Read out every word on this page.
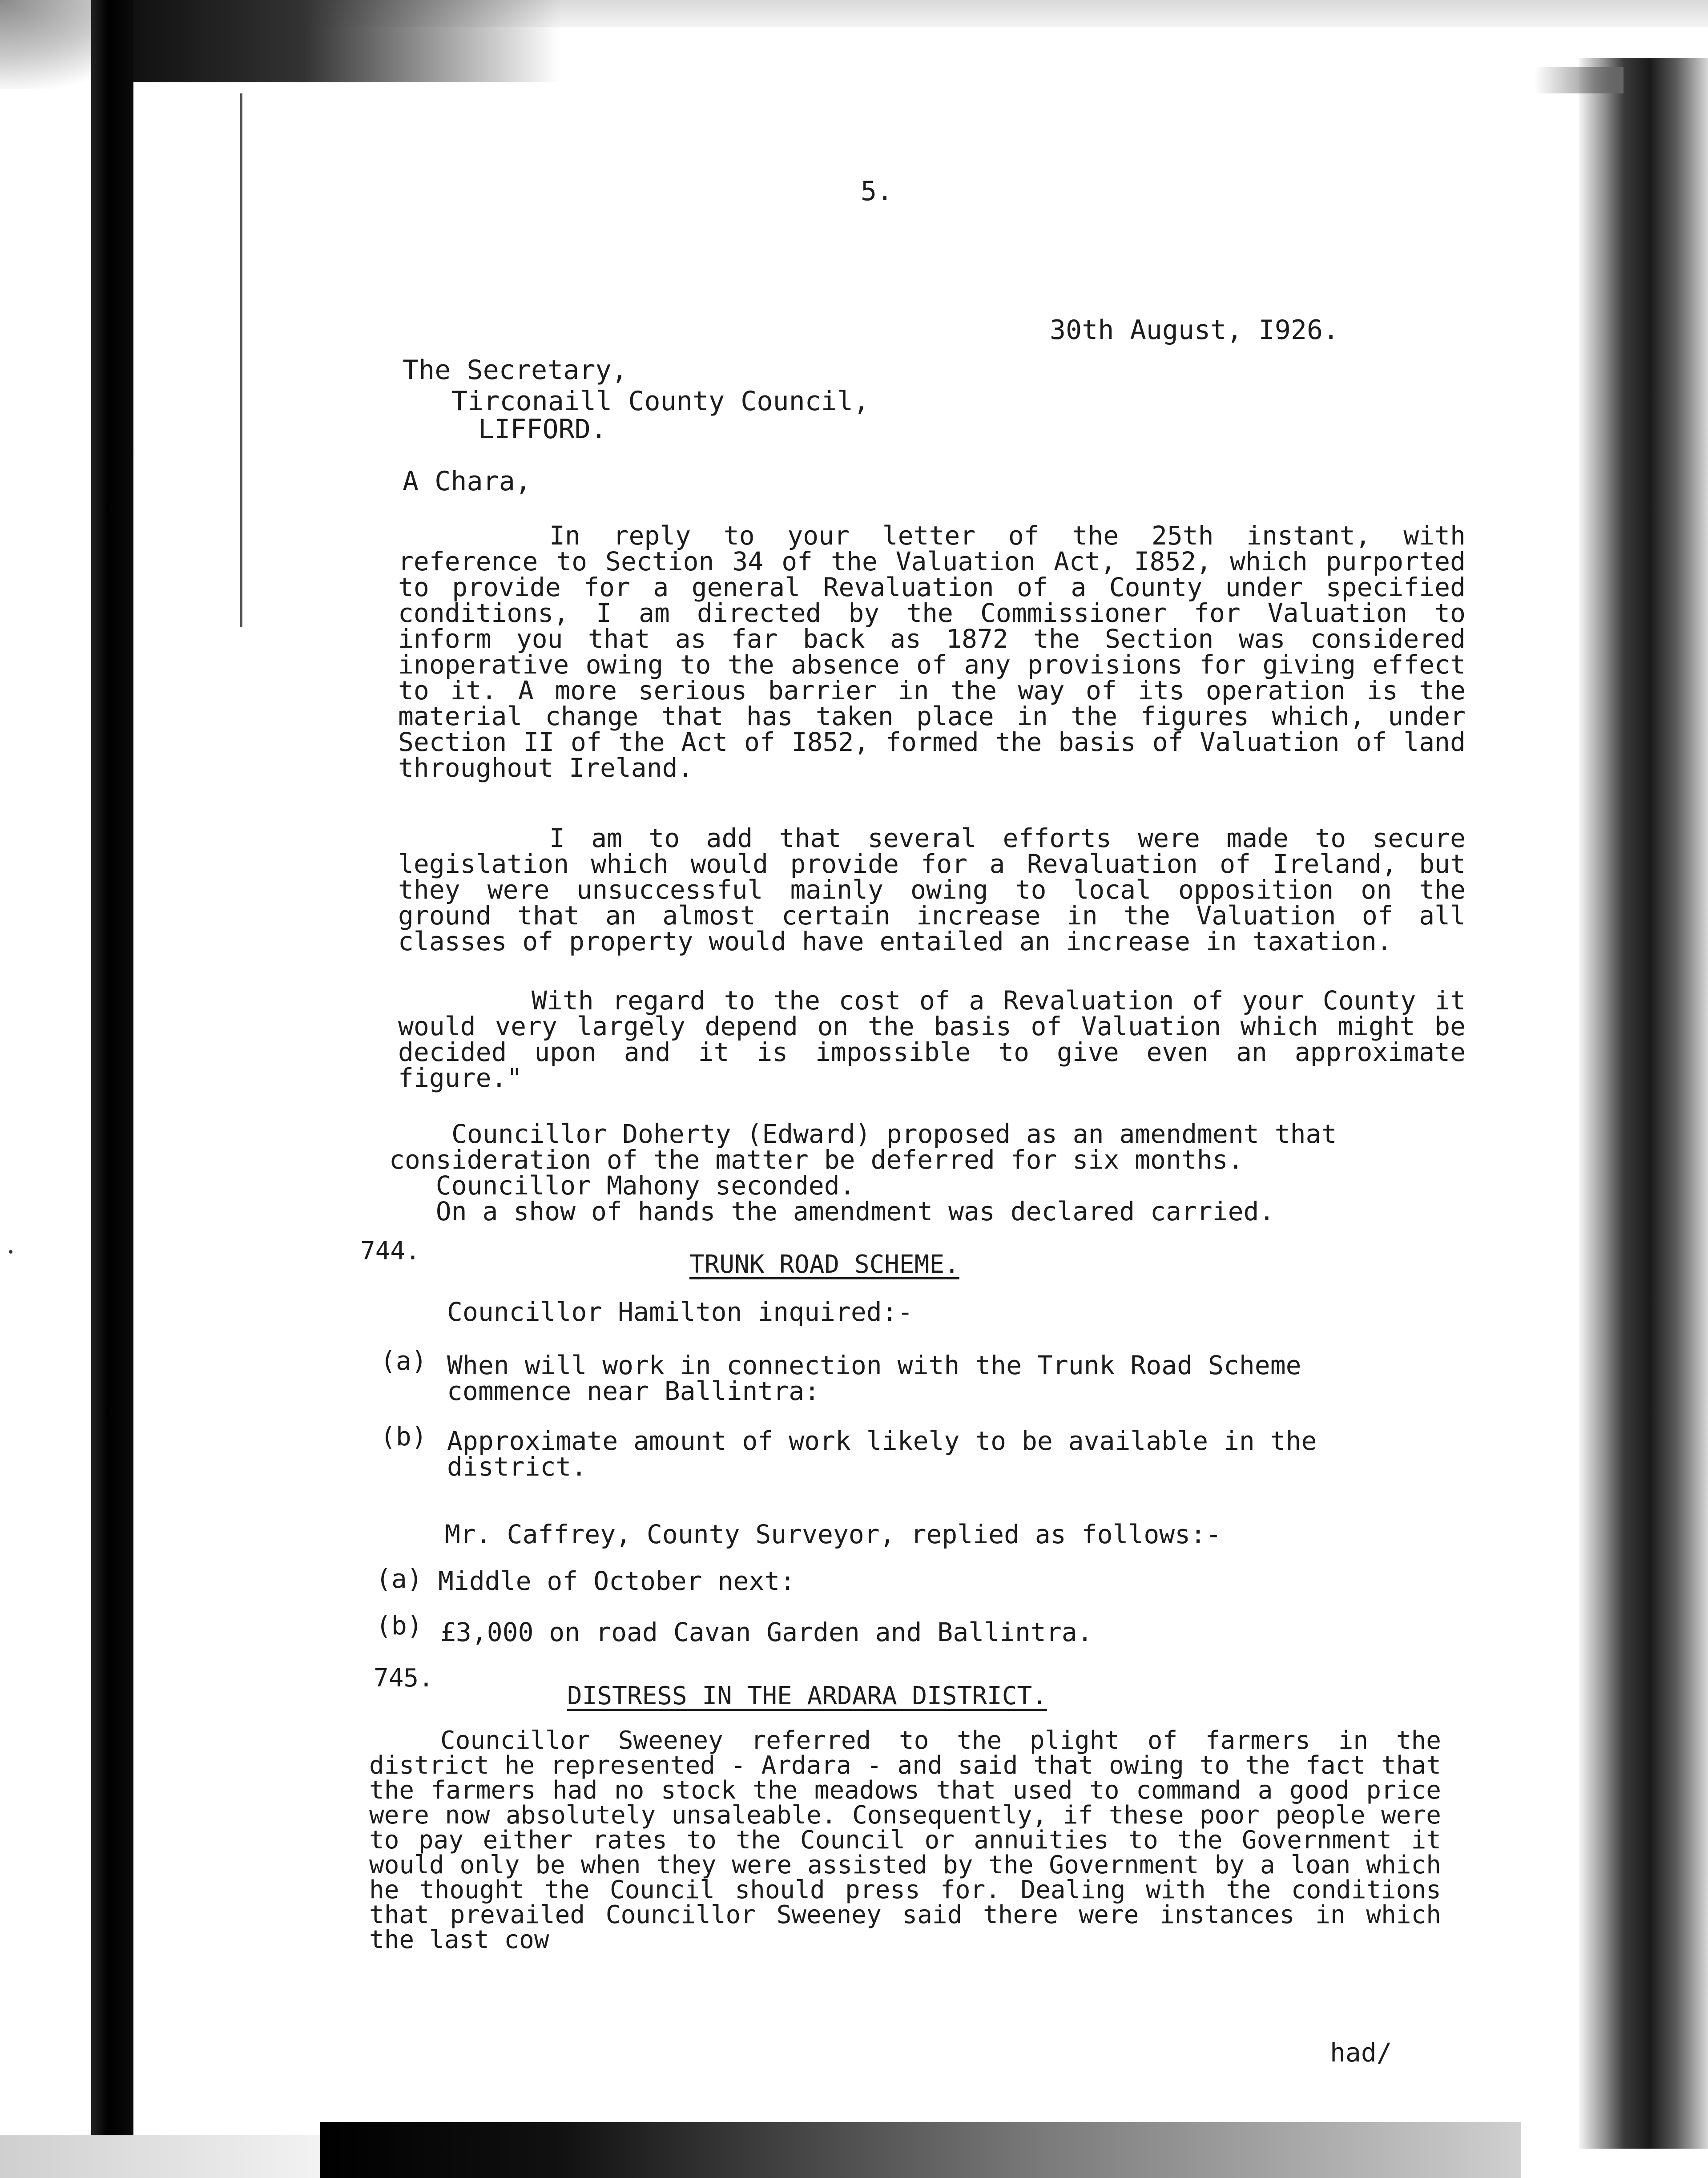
5.
30th August, I926.
The Secretary,
Tirconaill County Council,
LIFFORD.
A Chara,

In reply to your letter of the 25th instant, with reference to Section 34 of the Valuation Act, I852, which purported to provide for a general Revaluation of a County under specified conditions, I am directed by the Commissioner for Valuation to inform you that as far back as 1872 the Section was considered inoperative owing to the absence of any provisions for giving effect to it. A more serious barrier in the way of its operation is the material change that has taken place in the figures which, under Section II of the Act of I852, formed the basis of Valuation of land throughout Ireland.

I am to add that several efforts were made to secure legislation which would provide for a Revaluation of Ireland, but they were unsuccessful mainly owing to local opposition on the ground that an almost certain increase in the Valuation of all classes of property would have entailed an increase in taxation.

With regard to the cost of a Revaluation of your County it would very largely depend on the basis of Valuation which might be decided upon and it is impossible to give even an approximate figure."

Councillor Doherty (Edward) proposed as an amendment that
consideration of the matter be deferred for six months.
Councillor Mahony seconded.
On a show of hands the amendment was declared carried.
744.	TRUNK ROAD SCHEME.
Councillor Hamilton inquired:-
(a) When will work in connection with the Trunk Road Scheme commence near Ballintra:
(b) Approximate amount of work likely to be available in the district.
Mr. Caffrey, County Surveyor, replied as follows:-
(a) Middle of October next:
(b) £3,000 on road Cavan Garden and Ballintra.
745.
DISTRESS IN THE ARDARA DISTRICT.
Councillor Sweeney referred to the plight of farmers in the district he represented - Ardara - and said that owing to the fact that the farmers had no stock the meadows that used to command a good price were now absolutely unsaleable. Consequently, if these poor people were to pay either rates to the Council or annuities to the Government it would only be when they were assisted by the Government by a loan which he thought the Council should press for. Dealing with the conditions that prevailed Councillor Sweeney said there were instances in which the last cow
had/
